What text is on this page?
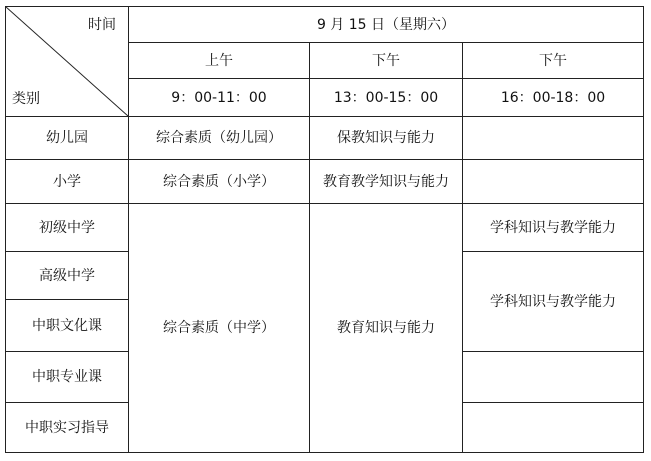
时间
类别	9 月 15 日（星期六）		
	上午	下午	下午
	9：00-11：00	13：00-15：00	16：00-18：00
幼儿园	综合素质（幼儿园）	保教知识与能力	
小学	综合素质（小学）	教育教学知识与能力	
初级中学	综合素质（中学）	教育知识与能力	学科知识与教学能力
高级中学			学科知识与教学能力
中职文化课			
中职专业课			
中职实习指导			
